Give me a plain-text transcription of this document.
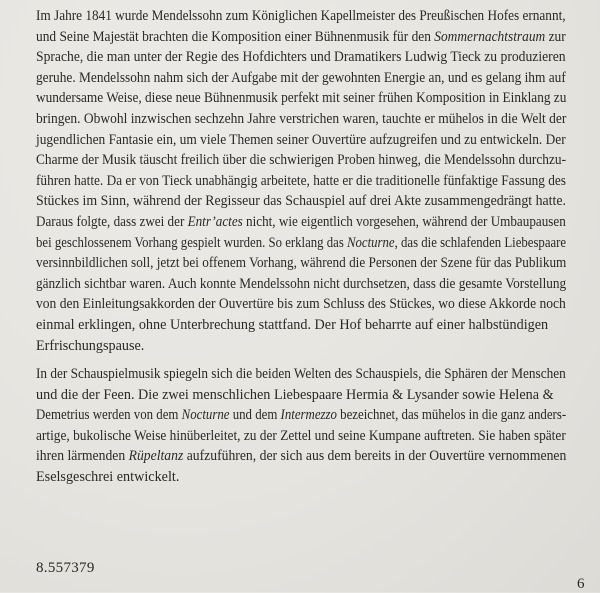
Im Jahre 1841 wurde Mendelssohn zum Königlichen Kapellmeister des Preußischen Hofes ernannt,
und Seine Majestät brachten die Komposition einer Bühnenmusik für den Sommernachtstraum zur
Sprache, die man unter der Regie des Hofdichters und Dramatikers Ludwig Tieck zu produzieren
geruhe. Mendelssohn nahm sich der Aufgabe mit der gewohnten Energie an, und es gelang ihm auf
wundersame Weise, diese neue Bühnenmusik perfekt mit seiner frühen Komposition in Einklang zu
bringen. Obwohl inzwischen sechzehn Jahre verstrichen waren, tauchte er mühelos in die Welt der
jugendlichen Fantasie ein, um viele Themen seiner Ouvertüre aufzugreifen und zu entwickeln. Der
Charme der Musik täuscht freilich über die schwierigen Proben hinweg, die Mendelssohn durchzu-
führen hatte. Da er von Tieck unabhängig arbeitete, hatte er die traditionelle fünfaktige Fassung des
Stückes im Sinn, während der Regisseur das Schauspiel auf drei Akte zusammengedrängt hatte.
Daraus folgte, dass zwei der Entr’actes nicht, wie eigentlich vorgesehen, während der Umbaupausen
bei geschlossenem Vorhang gespielt wurden. So erklang das Nocturne, das die schlafenden Liebespaare
versinnbildlichen soll, jetzt bei offenem Vorhang, während die Personen der Szene für das Publikum
gänzlich sichtbar waren. Auch konnte Mendelssohn nicht durchsetzen, dass die gesamte Vorstellung
von den Einleitungsakkorden der Ouvertüre bis zum Schluss des Stückes, wo diese Akkorde noch
einmal erklingen, ohne Unterbrechung stattfand. Der Hof beharrte auf einer halbstündigen
Erfrischungspause.
In der Schauspielmusik spiegeln sich die beiden Welten des Schauspiels, die Sphären der Menschen
und die der Feen. Die zwei menschlichen Liebespaare Hermia & Lysander sowie Helena &
Demetrius werden von dem Nocturne und dem Intermezzo bezeichnet, das mühelos in die ganz anders-
artige, bukolische Weise hinüberleitet, zu der Zettel und seine Kumpane auftreten. Sie haben später
ihren lärmenden Rüpeltanz aufzuführen, der sich aus dem bereits in der Ouvertüre vernommenen
Eselsgeschrei entwickelt.
8.557379
6
